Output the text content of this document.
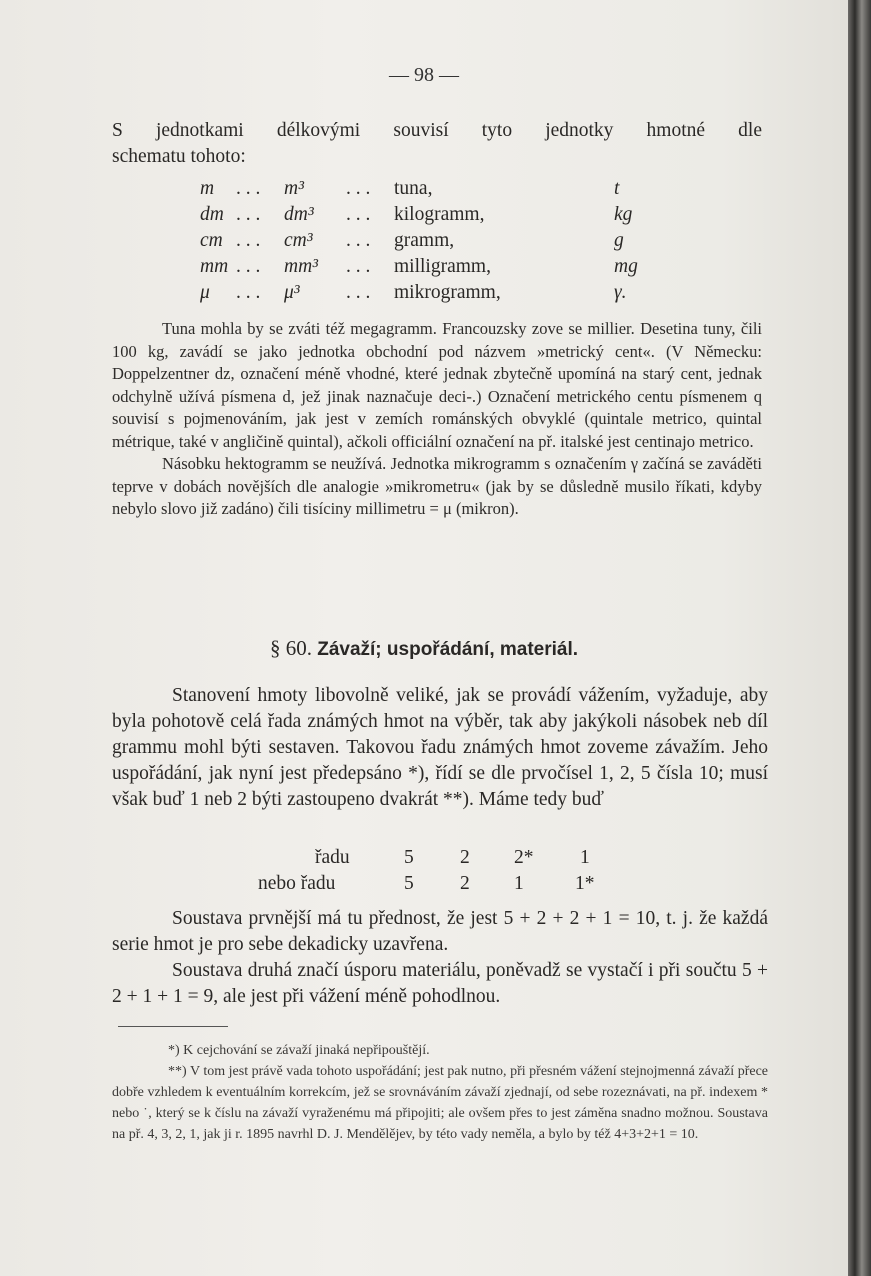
— 98 —
S jednotkami délkovými souvisí tyto jednotky hmotné dle
schematu tohoto:
m . . . m³ . . . tuna,	t
dm . . . dm³ . . . kilogramm,	kg
cm . . . cm³ . . . gramm,	g
mm . . . mm³ . . . milligramm,	mg
μ . . . μ³ . . . mikrogramm,	γ.

Tuna mohla by se zváti též megagramm. Francouzsky zove se millier. Desetina tuny, čili 100 kg, zavádí se jako jednotka obchodní pod názvem »metrický cent«. (V Německu: Doppelzentner dz, označení méně vhodné, které jednak zbytečně upomíná na starý cent, jednak odchylně užívá písmena d, jež jinak naznačuje deci-.) Označení metrického centu písmenem q souvisí s pojmenováním, jak jest v zemích románských obvyklé (quintale metrico, quintal métrique, také v angličině quintal), ačkoli officiální označení na př. italské jest centinajo metrico.

Násobku hektogramm se neužívá. Jednotka mikrogramm s označením γ začíná se zaváděti teprve v dobách novějších dle analogie »mikrometru« (jak by se důsledně musilo říkati, kdyby nebylo slovo již zadáno) čili tisíciny millimetru = μ (mikron).

§ 60. Závaží; uspořádání, materiál.

Stanovení hmoty libovolně veliké, jak se provádí vážením, vyžaduje, aby byla pohotově celá řada známých hmot na výběr, tak aby jakýkoli násobek neb díl grammu mohl býti sestaven. Takovou řadu známých hmot zoveme závažím. Jeho uspořádání, jak nyní jest předepsáno *), řídí se dle prvočísel 1, 2, 5 čísla 10; musí však buď 1 neb 2 býti zastoupeno dvakrát **). Máme tedy buď

řadu	5 2 2* 1
nebo řadu	5 2 1	1*

Soustava prvnější má tu přednost, že jest 5 + 2 + 2 + 1 = 10, t. j. že každá serie hmot je pro sebe dekadicky uzavřena.

Soustava druhá značí úsporu materiálu, poněvadž se vystačí i při součtu 5 + 2 + 1 + 1 = 9, ale jest při vážení méně pohodlnou.

*) K cejchování se závaží jinaká nepřipouštějí.

**) V tom jest právě vada tohoto uspořádání; jest pak nutno, při přesném vážení stejnojmenná závaží přece dobře vzhledem k eventuálním korrekcím, jež se srovnáváním závaží zjednají, od sebe rozeznávati, na př. indexem * nebo ˙, který se k číslu na závaží vyraženému má připojiti; ale ovšem přes to jest záměna snadno možnou. Soustava na př. 4, 3, 2, 1, jak ji r. 1895 navrhl D. J. Mendělějev, by této vady neměla, a bylo by též 4+3+2+1 = 10.
